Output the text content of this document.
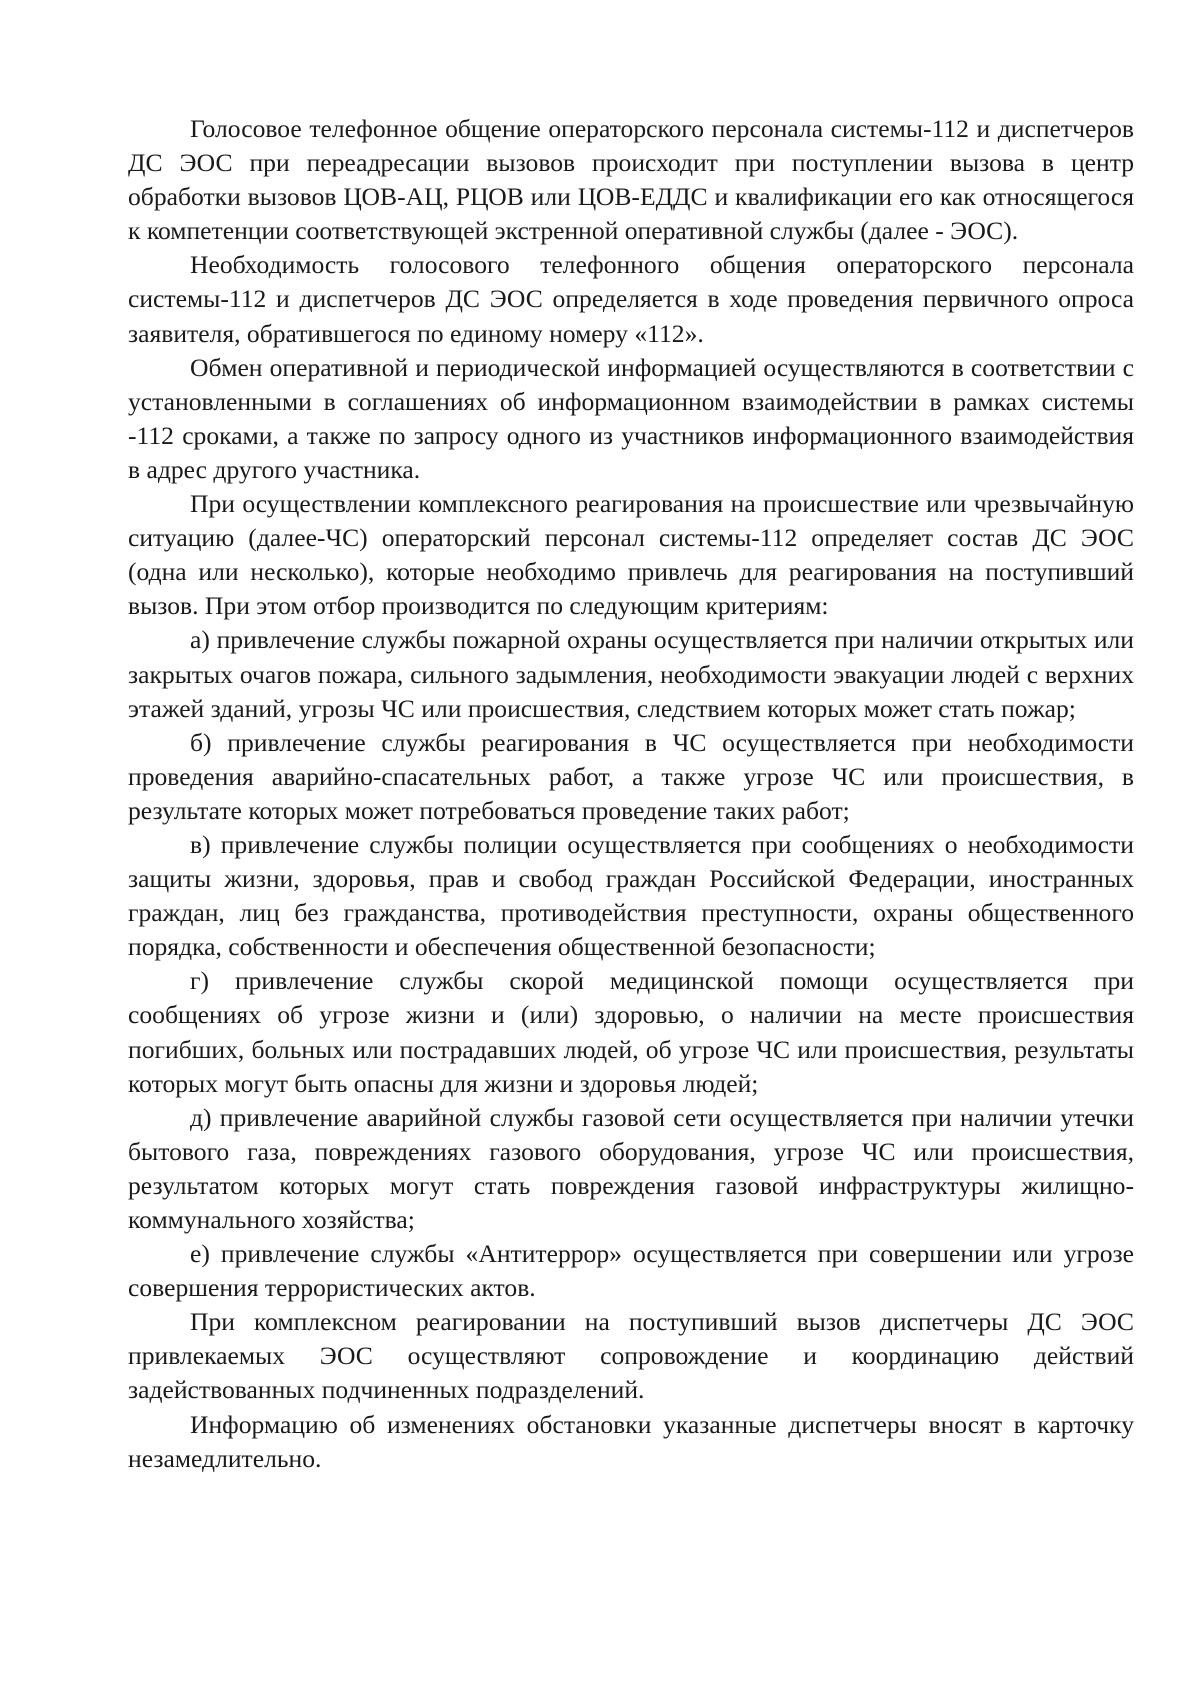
Голосовое телефонное общение операторского персонала системы-112 и диспетчеров ДС ЭОС при переадресации вызовов происходит при поступлении вызова в центр обработки вызовов ЦОВ-АЦ, РЦОВ или ЦОВ-ЕДДС и квалификации его как относящегося к компетенции соответствующей экстренной оперативной службы (далее - ЭОС).

Необходимость голосового телефонного общения операторского персонала системы-112 и диспетчеров ДС ЭОС определяется в ходе проведения первичного опроса заявителя, обратившегося по единому номеру «112».

Обмен оперативной и периодической информацией осуществляются в соответствии с установленными в соглашениях об информационном взаимодействии в рамках системы -112 сроками, а также по запросу одного из участников информационного взаимодействия в адрес другого участника.

При осуществлении комплексного реагирования на происшествие или чрезвычайную ситуацию (далее-ЧС) операторский персонал системы-112 определяет состав ДС ЭОС (одна или несколько), которые необходимо привлечь для реагирования на поступивший вызов. При этом отбор производится по следующим критериям:

а) привлечение службы пожарной охраны осуществляется при наличии открытых или закрытых очагов пожара, сильного задымления, необходимости эвакуации людей с верхних этажей зданий, угрозы ЧС или происшествия, следствием которых может стать пожар;

б) привлечение службы реагирования в ЧС осуществляется при необходимости проведения аварийно-спасательных работ, а также угрозе ЧС или происшествия, в результате которых может потребоваться проведение таких работ;

в) привлечение службы полиции осуществляется при сообщениях о необходимости защиты жизни, здоровья, прав и свобод граждан Российской Федерации, иностранных граждан, лиц без гражданства, противодействия преступности, охраны общественного порядка, собственности и обеспечения общественной безопасности;

г) привлечение службы скорой медицинской помощи осуществляется при сообщениях об угрозе жизни и (или) здоровью, о наличии на месте происшествия погибших, больных или пострадавших людей, об угрозе ЧС или происшествия, результаты которых могут быть опасны для жизни и здоровья людей;

д) привлечение аварийной службы газовой сети осуществляется при наличии утечки бытового газа, повреждениях газового оборудования, угрозе ЧС или происшествия, результатом которых могут стать повреждения газовой инфраструктуры жилищно-коммунального хозяйства;

е) привлечение службы «Антитеррор» осуществляется при совершении или угрозе совершения террористических актов.

При комплексном реагировании на поступивший вызов диспетчеры ДС ЭОС привлекаемых ЭОС осуществляют сопровождение и координацию действий задействованных подчиненных подразделений.

Информацию об изменениях обстановки указанные диспетчеры вносят в карточку незамедлительно.
